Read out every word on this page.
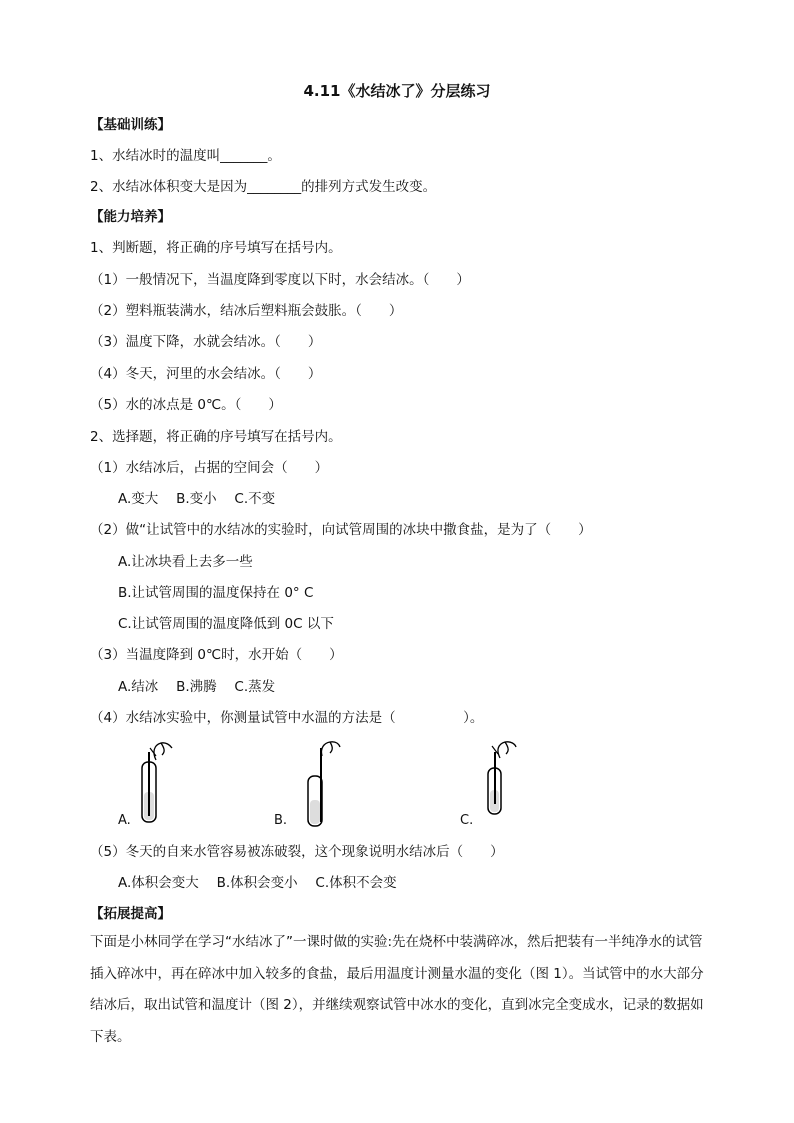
4.11《水结冰了》分层练习
【基础训练】
1、水结冰时的温度叫_______。
2、水结冰体积变大是因为________的排列方式发生改变。
【能力培养】
1、判断题，将正确的序号填写在括号内。
（1）一般情况下，当温度降到零度以下时，水会结冰。（　　）
（2）塑料瓶装满水，结冰后塑料瓶会鼓胀。（　　）
（3）温度下降，水就会结冰。（　　）
（4）冬天，河里的水会结冰。（　　）
（5）水的冰点是 0℃。（　　）
2、选择题，将正确的序号填写在括号内。
（1）水结冰后，占据的空间会（　　）
A.变大　 B.变小　 C.不变
（2）做“让试管中的水结冰的实验时，向试管周围的冰块中撒食盐，是为了（　　）
A.让冰块看上去多一些
B.让试管周围的温度保持在 0° C
C.让试管周围的温度降低到 0C 以下
（3）当温度降到 0℃时，水开始（　　）
A.结冰　 B.沸腾　 C.蒸发
（4）水结冰实验中，你测量试管中水温的方法是（　　　　　）。
A.	B.	C.
（5）冬天的自来水管容易被冻破裂，这个现象说明水结冰后（　　）
A.体积会变大　 B.体积会变小　 C.体积不会变
【拓展提高】
下面是小林同学在学习“水结冰了”一课时做的实验:先在烧杯中装满碎冰，然后把装有一半纯净水的试管插入碎冰中，再在碎冰中加入较多的食盐，最后用温度计测量水温的变化（图 1）。当试管中的水大部分结冰后，取出试管和温度计（图 2），并继续观察试管中冰水的变化，直到冰完全变成水，记录的数据如下表。
